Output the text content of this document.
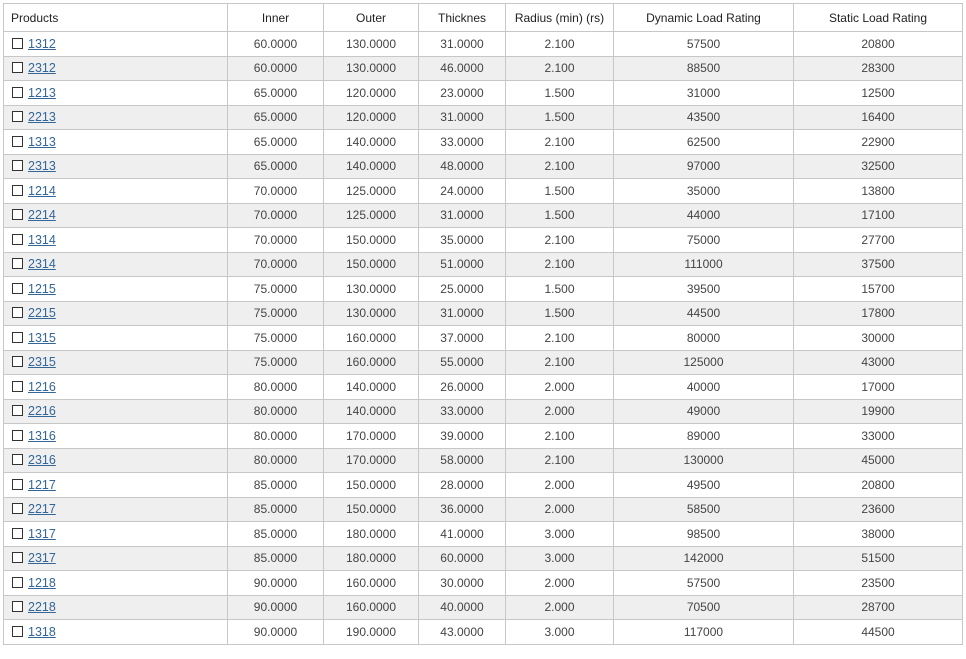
Products	Inner	Outer	Thicknes	Radius (min) (rs)	Dynamic Load Rating	Static Load Rating
1312	60.0000	130.0000	31.0000	2.100	57500	20800
2312	60.0000	130.0000	46.0000	2.100	88500	28300
1213	65.0000	120.0000	23.0000	1.500	31000	12500
2213	65.0000	120.0000	31.0000	1.500	43500	16400
1313	65.0000	140.0000	33.0000	2.100	62500	22900
2313	65.0000	140.0000	48.0000	2.100	97000	32500
1214	70.0000	125.0000	24.0000	1.500	35000	13800
2214	70.0000	125.0000	31.0000	1.500	44000	17100
1314	70.0000	150.0000	35.0000	2.100	75000	27700
2314	70.0000	150.0000	51.0000	2.100	111000	37500
1215	75.0000	130.0000	25.0000	1.500	39500	15700
2215	75.0000	130.0000	31.0000	1.500	44500	17800
1315	75.0000	160.0000	37.0000	2.100	80000	30000
2315	75.0000	160.0000	55.0000	2.100	125000	43000
1216	80.0000	140.0000	26.0000	2.000	40000	17000
2216	80.0000	140.0000	33.0000	2.000	49000	19900
1316	80.0000	170.0000	39.0000	2.100	89000	33000
2316	80.0000	170.0000	58.0000	2.100	130000	45000
1217	85.0000	150.0000	28.0000	2.000	49500	20800
2217	85.0000	150.0000	36.0000	2.000	58500	23600
1317	85.0000	180.0000	41.0000	3.000	98500	38000
2317	85.0000	180.0000	60.0000	3.000	142000	51500
1218	90.0000	160.0000	30.0000	2.000	57500	23500
2218	90.0000	160.0000	40.0000	2.000	70500	28700
1318	90.0000	190.0000	43.0000	3.000	117000	44500
